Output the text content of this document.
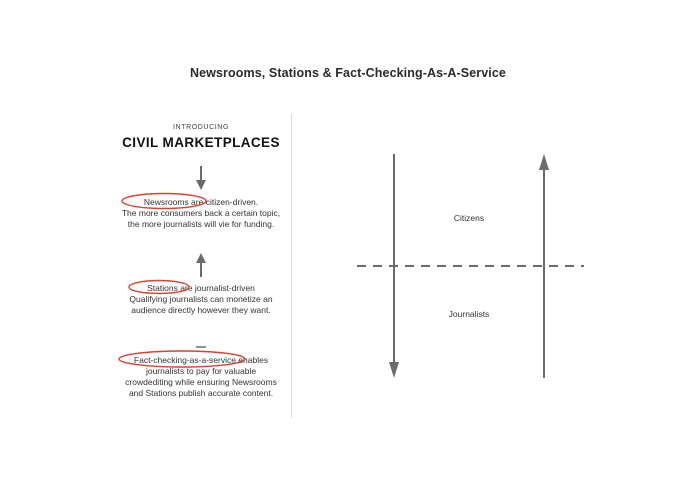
Newsrooms, Stations & Fact-Checking-As-A-Service
INTRODUCING
CIVIL MARKETPLACES

Newsrooms are citizen-driven.

The more consumers back a certain topic,

the more journalists will vie for funding.

Stations are journalist-driven

Qualifying journalists can monetize an

audience directly however they want.

Fact-checking-as-a-service enables

journalists to pay for valuable

crowdediting while ensuring Newsrooms

and Stations publish accurate content.

Citizens
Journalists
